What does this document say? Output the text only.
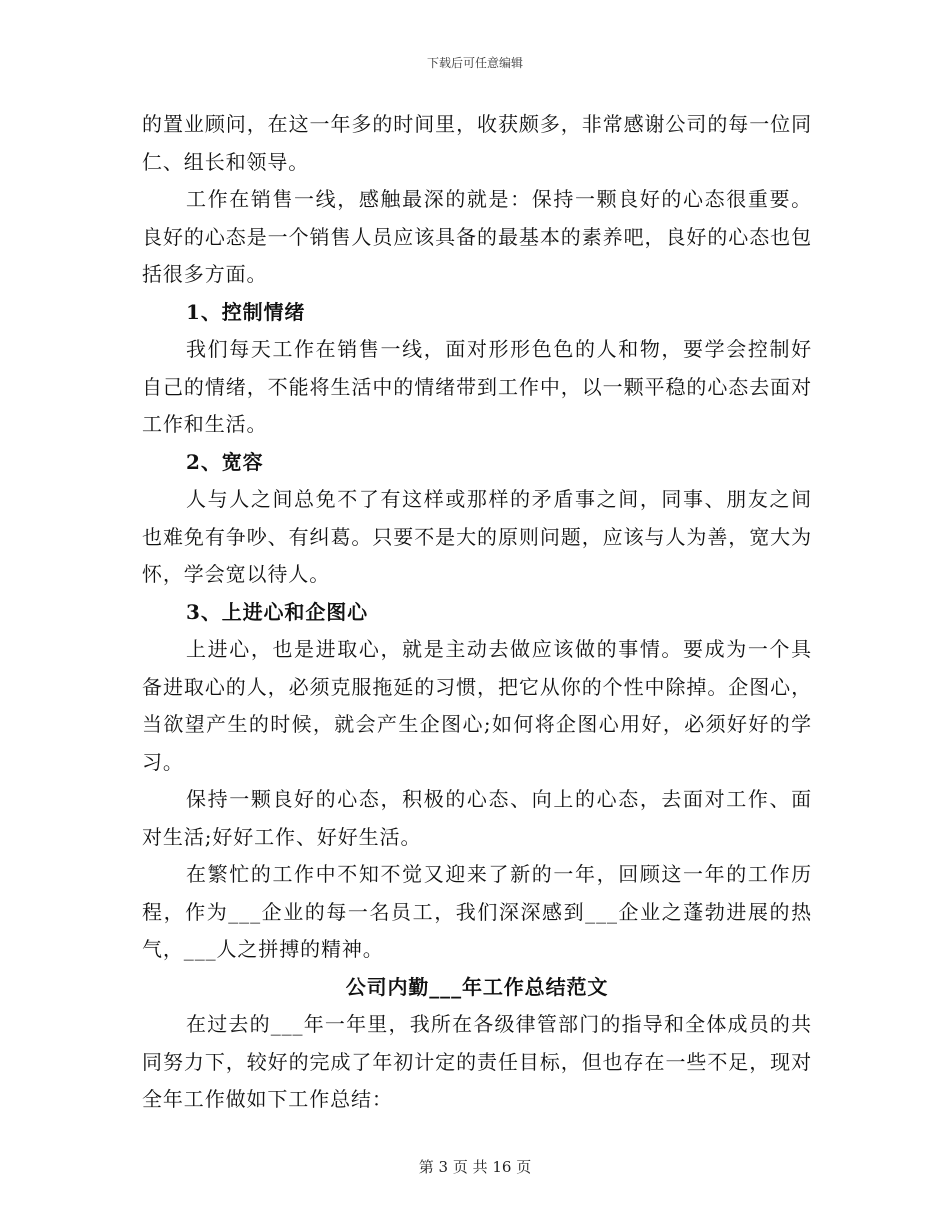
下载后可任意编辑

的置业顾问，在这一年多的时间里，收获颇多，非常感谢公司的每一位同仁、组长和领导。

工作在销售一线，感触最深的就是：保持一颗良好的心态很重要。良好的心态是一个销售人员应该具备的最基本的素养吧，良好的心态也包括很多方面。

1、控制情绪

我们每天工作在销售一线，面对形形色色的人和物，要学会控制好自己的情绪，不能将生活中的情绪带到工作中，以一颗平稳的心态去面对工作和生活。

2、宽容

人与人之间总免不了有这样或那样的矛盾事之间，同事、朋友之间也难免有争吵、有纠葛。只要不是大的原则问题，应该与人为善，宽大为怀，学会宽以待人。

3、上进心和企图心

上进心，也是进取心，就是主动去做应该做的事情。要成为一个具备进取心的人，必须克服拖延的习惯，把它从你的个性中除掉。企图心，当欲望产生的时候，就会产生企图心;如何将企图心用好，必须好好的学习。

保持一颗良好的心态，积极的心态、向上的心态，去面对工作、面对生活;好好工作、好好生活。

在繁忙的工作中不知不觉又迎来了新的一年，回顾这一年的工作历程，作为___企业的每一名员工，我们深深感到___企业之蓬勃进展的热气，___人之拼搏的精神。

公司内勤___年工作总结范文

在过去的___年一年里，我所在各级律管部门的指导和全体成员的共同努力下，较好的完成了年初计定的责任目标，但也存在一些不足，现对全年工作做如下工作总结：

第 3 页 共 16 页
